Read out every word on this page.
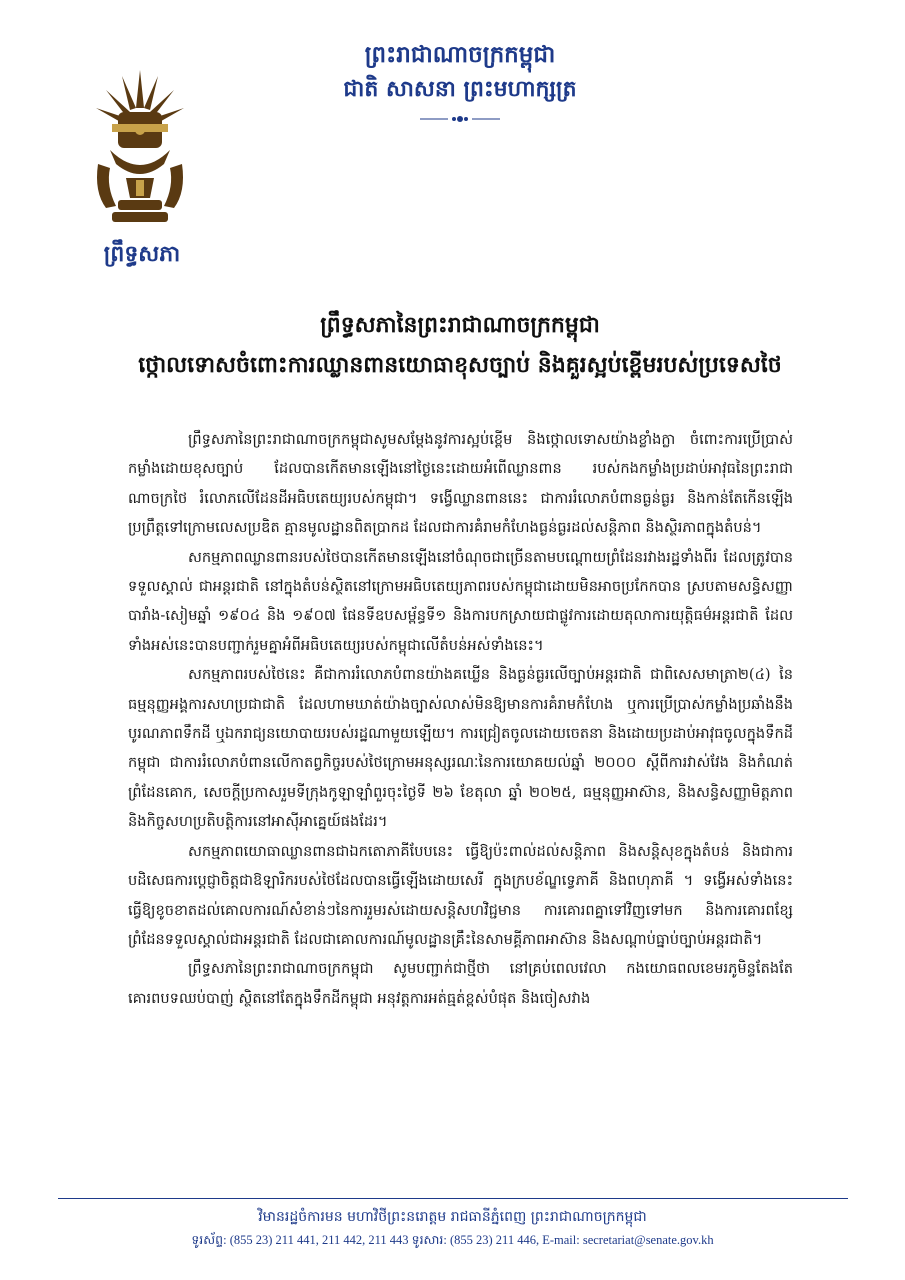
ព្រឹទ្ធសភា
ព្រះរាជាណាចក្រកម្ពុជា
ជាតិ សាសនា ព្រះមហាក្សត្រ
ព្រឹទ្ធសភានៃព្រះរាជាណាចក្រកម្ពុជា
ថ្កោលទោសចំពោះការឈ្លានពានយោធាខុសច្បាប់ និងគួរស្អប់ខ្ពើមរបស់ប្រទេសថៃ

ព្រឹទ្ធសភានៃព្រះរាជាណាចក្រកម្ពុជាសូមសម្ដែងនូវការស្អប់ខ្ពើម និងថ្កោលទោសយ៉ាងខ្លាំងក្លា ចំពោះការប្រើប្រាស់កម្លាំងដោយខុសច្បាប់ ដែលបានកើតមានឡើងនៅថ្ងៃនេះដោយអំពើឈ្លានពាន របស់កងកម្លាំងប្រដាប់អាវុធនៃព្រះរាជាណាចក្រថៃ រំលោភលើដែនដីអធិបតេយ្យរបស់កម្ពុជា។ ទង្វើឈ្លានពាននេះ ជាការរំលោភបំពានធ្ងន់ធ្ងរ និងកាន់តែកើនឡើង ប្រព្រឹត្តទៅក្រោមលេសប្រឌិត គ្មានមូលដ្ឋានពិតប្រាកដ ដែលជាការគំរាមកំហែងធ្ងន់ធ្ងរដល់សន្តិភាព និងស្ថិរភាពក្នុងតំបន់។

សកម្មភាពឈ្លានពានរបស់ថៃបានកើតមានឡើងនៅចំណុចជាច្រើនតាមបណ្ដោយព្រំដែនរវាងរដ្ឋទាំងពីរ ដែលត្រូវបានទទួលស្គាល់ ជាអន្តរជាតិ នៅក្នុងតំបន់ស្ថិតនៅក្រោមអធិបតេយ្យភាពរបស់កម្ពុជាដោយមិនអាចប្រកែកបាន ស្របតាមសន្ធិសញ្ញាបារាំង-សៀមឆ្នាំ ១៩០៤ និង ១៩០៧ ផែនទីឧបសម្ព័ន្ធទី១ និងការបកស្រាយជាផ្លូវការដោយតុលាការយុត្តិធម៌អន្តរជាតិ ដែលទាំងអស់នេះបានបញ្ជាក់រួមគ្នាអំពីអធិបតេយ្យរបស់កម្ពុជាលើតំបន់អស់ទាំងនេះ។

សកម្មភាពរបស់ថៃនេះ គឺជាការរំលោភបំពានយ៉ាងគឃ្លើន និងធ្ងន់ធ្ងរលើច្បាប់អន្តរជាតិ ជាពិសេសមាត្រា២(៤) នៃធម្មនុញ្ញអង្គការសហប្រជាជាតិ ដែលហាមឃាត់យ៉ាងច្បាស់លាស់មិនឱ្យមានការគំរាមកំហែង ឬការប្រើប្រាស់កម្លាំងប្រឆាំងនឹងបូរណភាពទឹកដី ឬឯករាជ្យនយោបាយរបស់រដ្ឋណាមួយឡើយ។ ការជ្រៀតចូលដោយចេតនា និងដោយប្រដាប់អាវុធចូលក្នុងទឹកដីកម្ពុជា ជាការរំលោភបំពានលើកាតព្វកិច្ចរបស់ថៃក្រោមអនុស្សរណៈនៃការយោគយល់ឆ្នាំ ២០០០ ស្ដីពីការវាស់វែង និងកំណត់ព្រំដែនគោក, សេចក្ដីប្រកាសរួមទីក្រុងកូឡាឡាំពួរចុះថ្ងៃទី ២៦ ខែតុលា ឆ្នាំ ២០២៥, ធម្មនុញ្ញអាស៊ាន, និងសន្ធិសញ្ញាមិត្តភាព និងកិច្ចសហប្រតិបត្តិការនៅអាស៊ីអាគ្នេយ៍ផងដែរ។

សកម្មភាពយោធាឈ្លានពានជាឯកតោភាគីបែបនេះ ធ្វើឱ្យប៉ះពាល់ដល់សន្តិភាព និងសន្តិសុខក្នុងតំបន់ និងជាការបដិសេធការប្ដេជ្ញាចិត្តជាឱឡារិករបស់ថៃដែលបានធ្វើឡើងដោយសេរី ក្នុងក្របខ័ណ្ឌទ្វេភាគី និងពហុភាគី ។ ទង្វើអស់ទាំងនេះធ្វើឱ្យខូចខាតដល់គោលការណ៍សំខាន់ៗនៃការរួមរស់ដោយសន្តិសហវិជ្ជមាន ការគោរពគ្នាទៅវិញទៅមក និងការគោរពខ្សែព្រំដែនទទួលស្គាល់ជាអន្តរជាតិ ដែលជាគោលការណ៍មូលដ្ឋានគ្រឹះនៃសាមគ្គីភាពអាស៊ាន និងសណ្ដាប់ធ្នាប់ច្បាប់អន្តរជាតិ។

ព្រឹទ្ធសភានៃព្រះរាជាណាចក្រកម្ពុជា សូមបញ្ជាក់ជាថ្មីថា នៅគ្រប់ពេលវេលា កងយោធពលខេមរភូមិន្ទតែងតែគោរពបទឈប់បាញ់ ស្ថិតនៅតែក្នុងទឹកដីកម្ពុជា អនុវត្តការអត់ធ្មត់ខ្ពស់បំផុត និងចៀសវាង

វិមានរដ្ឋចំការមន មហាវិថីព្រះនរោត្តម រាជធានីភ្នំពេញ ព្រះរាជាណាចក្រកម្ពុជា
ទូរស័ព្ទ: (855 23) 211 441, 211 442, 211 443 ទូរសារ: (855 23) 211 446, E-mail: secretariat@senate.gov.kh
